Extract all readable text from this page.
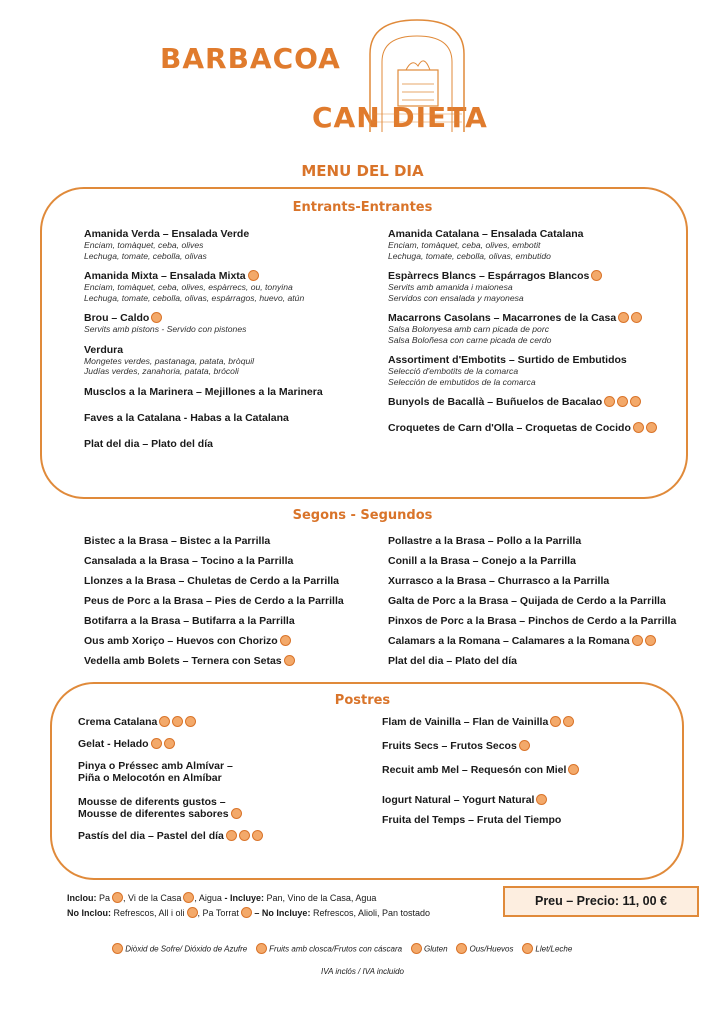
BARBACOA
CAN DIETA
MENU DEL DIA
Entrants-Entrantes
Amanida Verda – Ensalada Verde
Enciam, tomàquet, ceba, olives
Lechuga, tomate, cebolla, olivas
Amanida Mixta – Ensalada Mixta
Enciam, tomàquet, ceba, olives, espàrrecs, ou, tonyina
Lechuga, tomate, cebolla, olivas, espárragos, huevo, atún
Brou – Caldo
Servits amb pistons - Servido con pistones
Verdura
Mongetes verdes, pastanaga, patata, bròquil
Judías verdes, zanahoria, patata, brócoli
Musclos a la Marinera – Mejillones a la Marinera
Faves a la Catalana - Habas a la Catalana
Plat del dia – Plato del día
Amanida Catalana – Ensalada Catalana
Enciam, tomàquet, ceba, olives, embotit
Lechuga, tomate, cebolla, olivas, embutido
Espàrrecs Blancs – Espárragos Blancos
Servits amb amanida i maionesa
Servidos con ensalada y mayonesa
Macarrons Casolans – Macarrones de la Casa
Salsa Bolonyesa amb carn picada de porc
Salsa Boloñesa con carne picada de cerdo
Assortiment d'Embotits – Surtido de Embutidos
Selecció d'embotits de la comarca
Selección de embutidos de la comarca
Bunyols de Bacallà – Buñuelos de Bacalao
Croquetes de Carn d'Olla – Croquetas de Cocido
Segons - Segundos
Bistec a la Brasa – Bistec a la Parrilla
Cansalada a la Brasa – Tocino a la Parrilla
Llonzes a la Brasa – Chuletas de Cerdo a la Parrilla
Peus de Porc a la Brasa – Pies de Cerdo a la Parrilla
Botifarra a la Brasa – Butifarra a la Parrilla
Ous amb Xoriço – Huevos con Chorizo
Vedella amb Bolets – Ternera con Setas
Pollastre a la Brasa – Pollo a la Parrilla
Conill a la Brasa – Conejo a la Parrilla
Xurrasco a la Brasa – Churrasco a la Parrilla
Galta de Porc a la Brasa – Quijada de Cerdo a la Parrilla
Pinxos de Porc a la Brasa – Pinchos de Cerdo a la Parrilla
Calamars a la Romana – Calamares a la Romana
Plat del dia – Plato del día
Postres
Crema Catalana
Gelat - Helado
Pinya o Préssec amb Almívar –
Piña o Melocotón en Almíbar
Mousse de diferents gustos –
Mousse de diferentes sabores
Pastís del dia – Pastel del día
Flam de Vainilla – Flan de Vainilla
Fruits Secs – Frutos Secos
Recuit amb Mel – Requesón con Miel
Iogurt Natural – Yogurt Natural
Fruita del Temps – Fruta del Tiempo
Inclou: Pa , Vi de la Casa , Aigua - Incluye: Pan, Vino de la Casa, Agua
No Inclou: Refrescos, All i oli , Pa Torrat – No Incluye: Refrescos, Alioli, Pan tostado
Preu – Precio: 11, 00 €
Diòxid de Sofre/ Dióxido de Azufre	Fruits amb closca/Frutos con cáscara	Gluten	Ous/Huevos	Llet/Leche
IVA inclós / IVA incluido
